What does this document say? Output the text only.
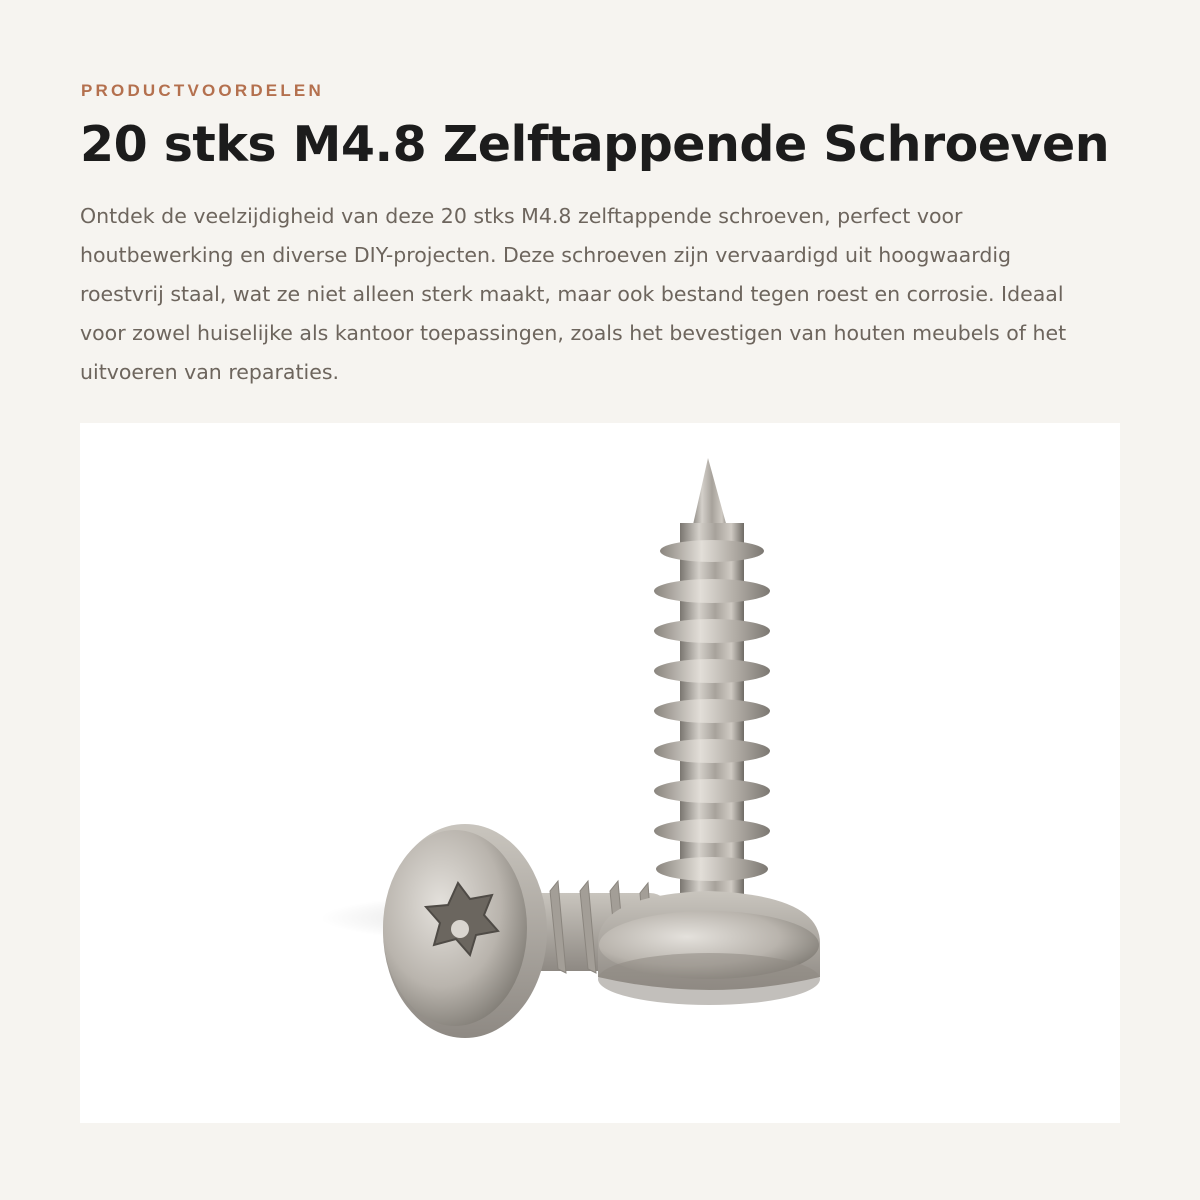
PRODUCTVOORDELEN
20 stks M4.8 Zelftappende Schroeven

Ontdek de veelzijdigheid van deze 20 stks M4.8 zelftappende schroeven, perfect voor houtbewerking en diverse DIY-projecten. Deze schroeven zijn vervaardigd uit hoogwaardig roestvrij staal, wat ze niet alleen sterk maakt, maar ook bestand tegen roest en corrosie. Ideaal voor zowel huiselijke als kantoor toepassingen, zoals het bevestigen van houten meubels of het uitvoeren van reparaties.
